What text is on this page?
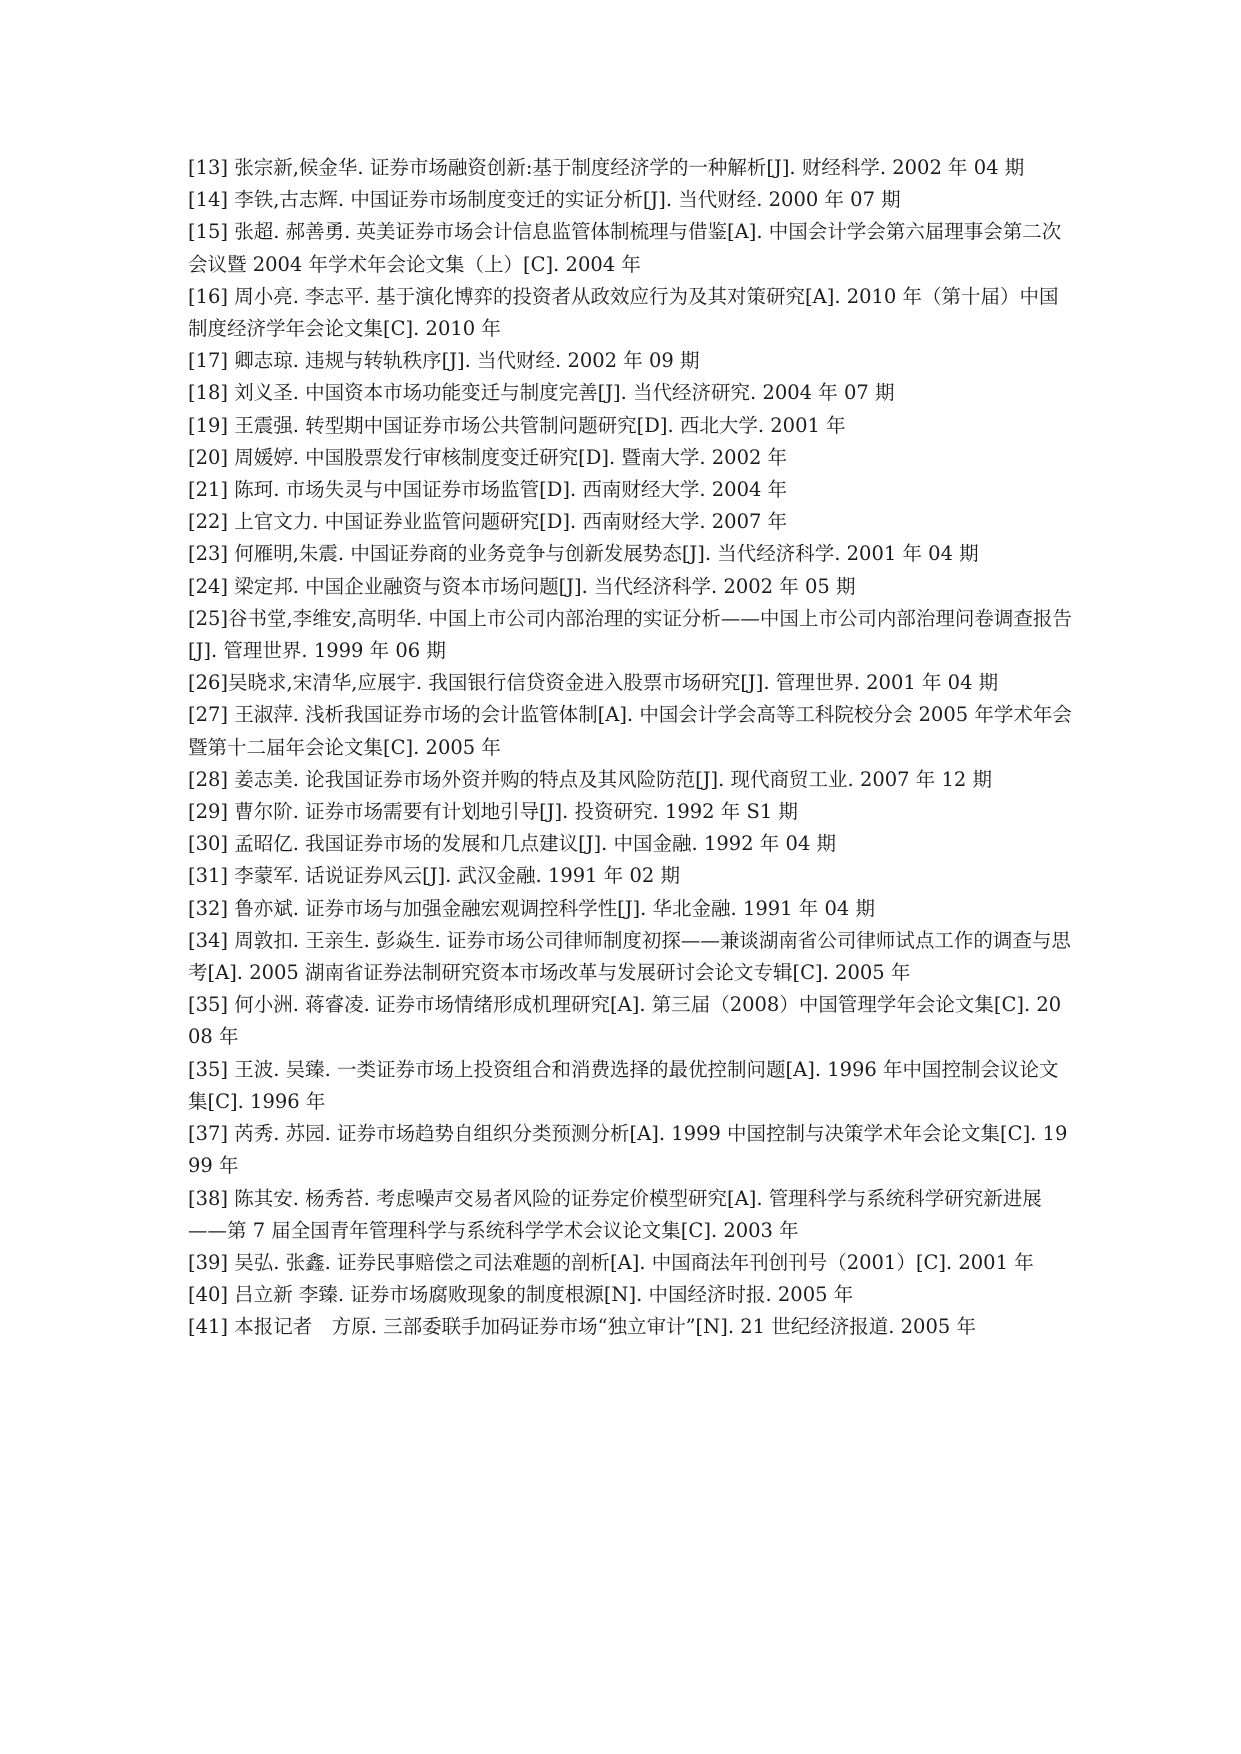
[13] 张宗新,候金华. 证券市场融资创新:基于制度经济学的一种解析[J]. 财经科学. 2002 年 04 期
[14] 李铁,古志辉. 中国证券市场制度变迁的实证分析[J]. 当代财经. 2000 年 07 期
[15] 张超. 郝善勇. 英美证券市场会计信息监管体制梳理与借鉴[A]. 中国会计学会第六届理事会第二次会议暨 2004 年学术年会论文集（上）[C]. 2004 年
[16] 周小亮. 李志平. 基于演化博弈的投资者从政效应行为及其对策研究[A]. 2010 年（第十届）中国制度经济学年会论文集[C]. 2010 年
[17] 卿志琼. 违规与转轨秩序[J]. 当代财经. 2002 年 09 期
[18] 刘义圣. 中国资本市场功能变迁与制度完善[J]. 当代经济研究. 2004 年 07 期
[19] 王震强. 转型期中国证券市场公共管制问题研究[D]. 西北大学. 2001 年
[20] 周媛婷. 中国股票发行审核制度变迁研究[D]. 暨南大学. 2002 年
[21] 陈珂. 市场失灵与中国证券市场监管[D]. 西南财经大学. 2004 年
[22] 上官文力. 中国证券业监管问题研究[D]. 西南财经大学. 2007 年
[23] 何雁明,朱震. 中国证券商的业务竞争与创新发展势态[J]. 当代经济科学. 2001 年 04 期
[24] 梁定邦. 中国企业融资与资本市场问题[J]. 当代经济科学. 2002 年 05 期
[25]谷书堂,李维安,高明华. 中国上市公司内部治理的实证分析——中国上市公司内部治理问卷调查报告[J]. 管理世界. 1999 年 06 期
[26]吴晓求,宋清华,应展宇. 我国银行信贷资金进入股票市场研究[J]. 管理世界. 2001 年 04 期
[27] 王淑萍. 浅析我国证券市场的会计监管体制[A]. 中国会计学会高等工科院校分会 2005 年学术年会暨第十二届年会论文集[C]. 2005 年
[28] 姜志美. 论我国证券市场外资并购的特点及其风险防范[J]. 现代商贸工业. 2007 年 12 期
[29] 曹尔阶. 证券市场需要有计划地引导[J]. 投资研究. 1992 年 S1 期
[30] 孟昭亿. 我国证券市场的发展和几点建议[J]. 中国金融. 1992 年 04 期
[31] 李蒙军. 话说证券风云[J]. 武汉金融. 1991 年 02 期
[32] 鲁亦斌. 证券市场与加强金融宏观调控科学性[J]. 华北金融. 1991 年 04 期
[34] 周敦扣. 王亲生. 彭焱生. 证券市场公司律师制度初探——兼谈湖南省公司律师试点工作的调查与思考[A]. 2005 湖南省证券法制研究资本市场改革与发展研讨会论文专辑[C]. 2005 年
[35] 何小洲. 蒋睿凌. 证券市场情绪形成机理研究[A]. 第三届（2008）中国管理学年会论文集[C]. 2008 年
[35] 王波. 吴臻. 一类证券市场上投资组合和消费选择的最优控制问题[A]. 1996 年中国控制会议论文集[C]. 1996 年
[37] 芮秀. 苏园. 证券市场趋势自组织分类预测分析[A]. 1999 中国控制与决策学术年会论文集[C]. 1999 年
[38] 陈其安. 杨秀苔. 考虑噪声交易者风险的证券定价模型研究[A]. 管理科学与系统科学研究新进展——第 7 届全国青年管理科学与系统科学学术会议论文集[C]. 2003 年
[39] 吴弘. 张鑫. 证券民事赔偿之司法难题的剖析[A]. 中国商法年刊创刊号（2001）[C]. 2001 年
[40] 吕立新 李臻. 证券市场腐败现象的制度根源[N]. 中国经济时报. 2005 年
[41] 本报记者　方原. 三部委联手加码证券市场“独立审计”[N]. 21 世纪经济报道. 2005 年
